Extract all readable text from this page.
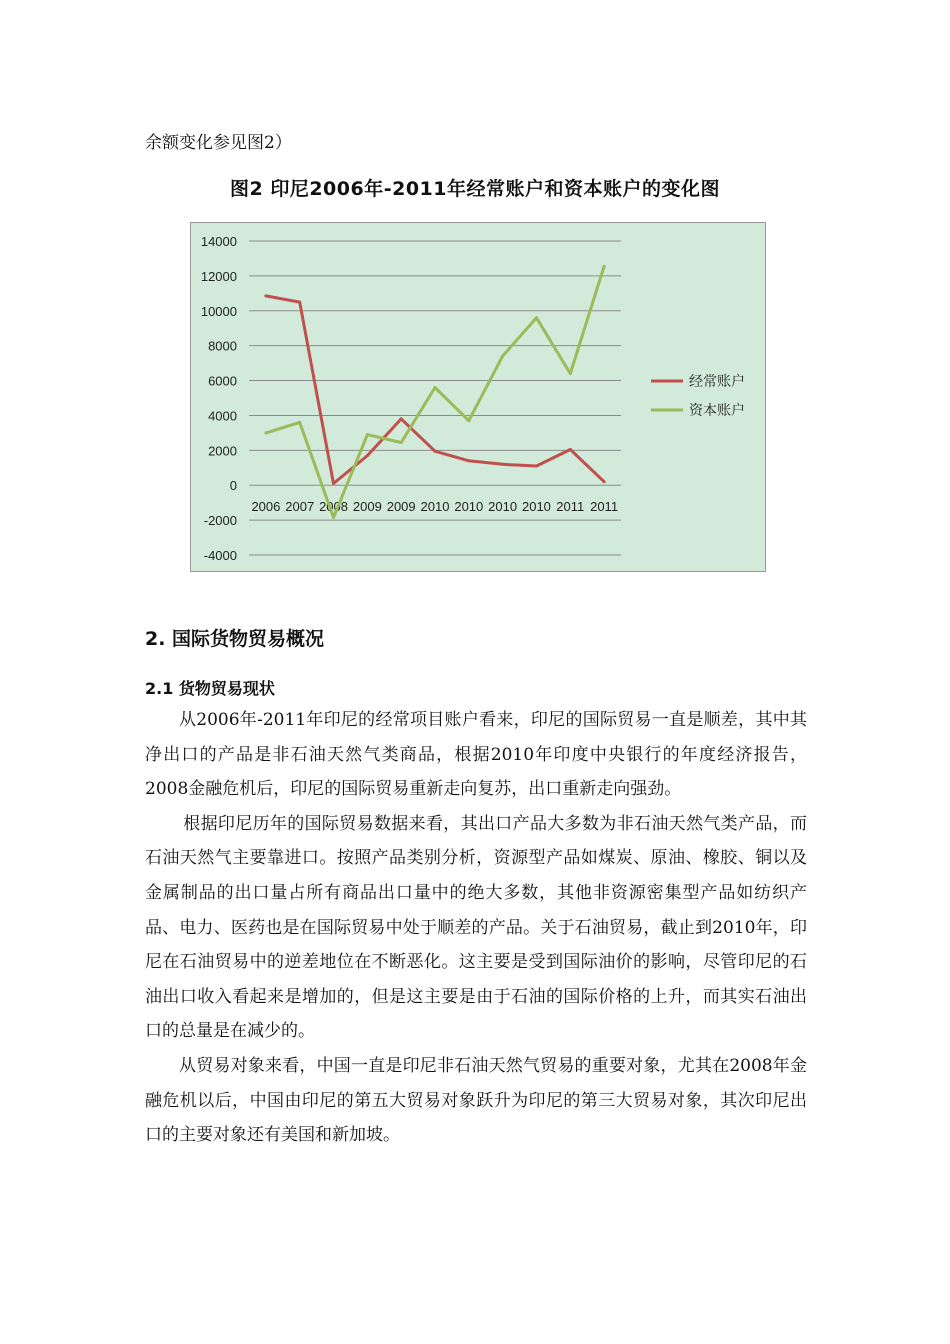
余额变化参见图2）
图2 印尼2006年-2011年经常账户和资本账户的变化图
14000
12000
10000
8000
6000
4000
2000
0
-2000
-4000
2006 2007 2008 2009 2009 2010 2010 2010 2010 2011 2011
经常账户
资本账户
2. 国际货物贸易概况
2.1 货物贸易现状

从2006年-2011年印尼的经常项目账户看来，印尼的国际贸易一直是顺差，其中其净出口的产品是非石油天然气类商品，根据2010年印度中央银行的年度经济报告，2008金融危机后，印尼的国际贸易重新走向复苏，出口重新走向强劲。

根据印尼历年的国际贸易数据来看，其出口产品大多数为非石油天然气类产品，而石油天然气主要靠进口。按照产品类别分析，资源型产品如煤炭、原油、橡胶、铜以及金属制品的出口量占所有商品出口量中的绝大多数，其他非资源密集型产品如纺织产品、电力、医药也是在国际贸易中处于顺差的产品。关于石油贸易，截止到2010年，印尼在石油贸易中的逆差地位在不断恶化。这主要是受到国际油价的影响，尽管印尼的石油出口收入看起来是增加的，但是这主要是由于石油的国际价格的上升，而其实石油出口的总量是在减少的。

从贸易对象来看，中国一直是印尼非石油天然气贸易的重要对象，尤其在2008年金融危机以后，中国由印尼的第五大贸易对象跃升为印尼的第三大贸易对象，其次印尼出口的主要对象还有美国和新加坡。
